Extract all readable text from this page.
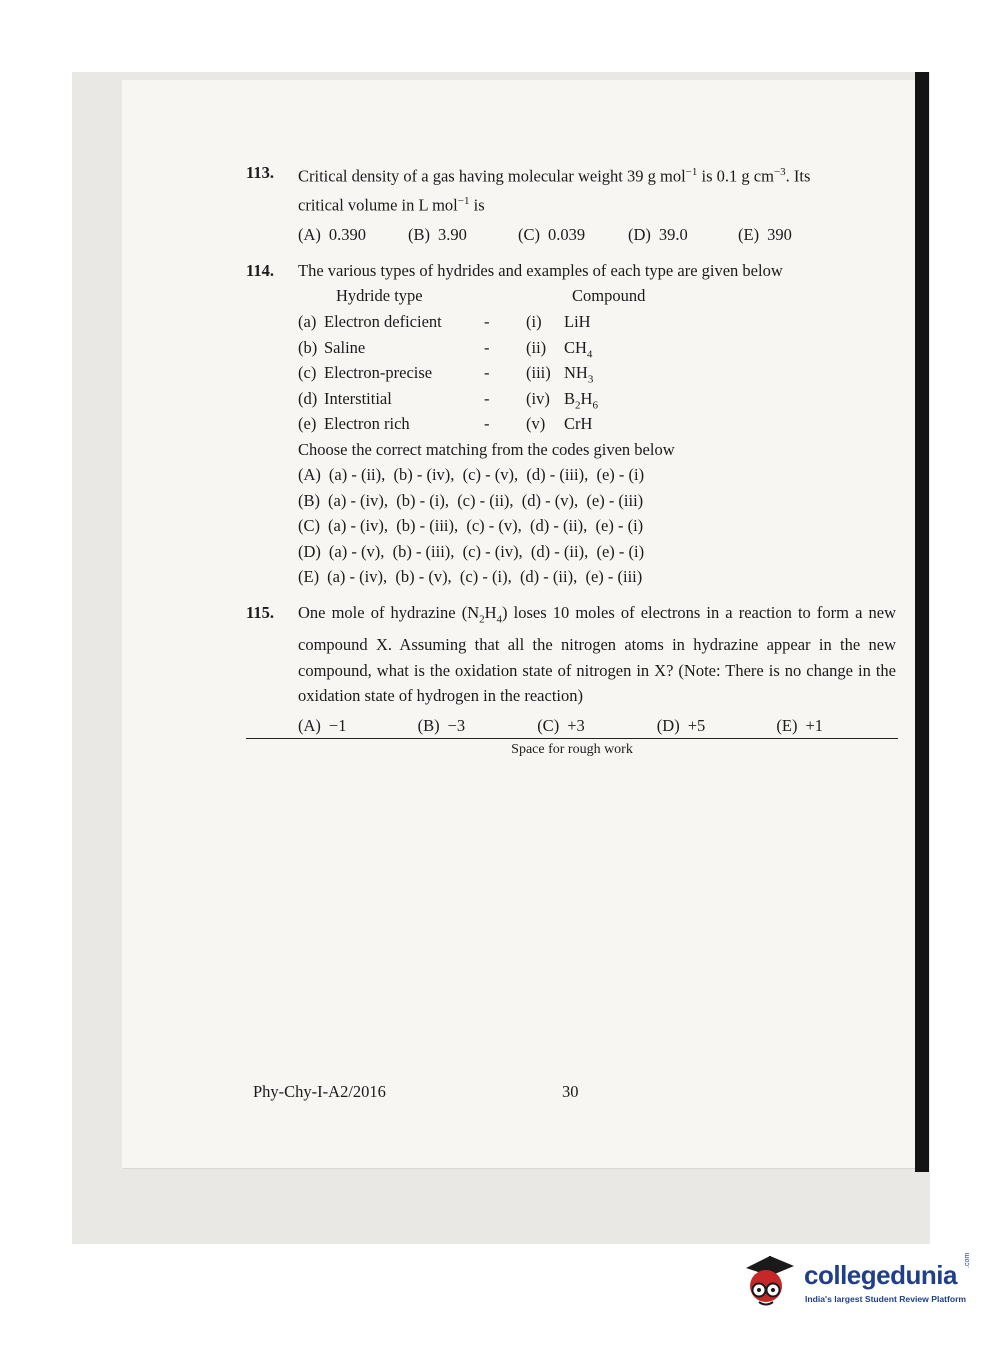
113. Critical density of a gas having molecular weight 39 g mol$^{-1}$ is 0.1 g $cm^{-3}$. Its
critical volume in L mol$^{-1}$ is
(A) 0.390	(B) 3.90	(C) 0.039	(D) 39.0	(E) 390
114. The various types of hydrides and examples of each type are given below
Hydride type	Compound
(a) Electron deficient	-	(i)	LiH
(b) Saline	-	(ii)	$CH_4$
(c) Electron-precise	-	(iii) $NH_3$
(d) Interstitial	-	(iv) $B_2H_6$
(e) Electron rich	-	(v)	CrH
Choose the correct matching from the codes given below
(A) (a) - (ii),  (b) - (iv),  (c) - (v),  (d) - (iii),  (e) - (i)
(B) (a) - (iv),  (b) - (i),  (c) - (ii),  (d) - (v),  (e) - (iii)
(C) (a) - (iv),  (b) - (iii),  (c) - (v),  (d) - (ii),  (e) - (i)
(D) (a) - (v),  (b) - (iii),  (c) - (iv),  (d) - (ii),  (e) - (i)
(E) (a) - (iv),  (b) - (v),  (c) - (i),  (d) - (ii),  (e) - (iii)
115. One mole of hydrazine $(N_2H_4)$ loses 10 moles of electrons in a reaction to form a new compound X. Assuming that all the nitrogen atoms in hydrazine appear in the new compound, what is the oxidation state of nitrogen in X? (Note: There is no change in the oxidation state of hydrogen in the reaction)
(A) −1	(B) −3	(C) +3	(D) +5	(E) +1
Space for rough work
Phy-Chy-I-A2/2016	30
collegedunia .com
India's largest Student Review Platform
